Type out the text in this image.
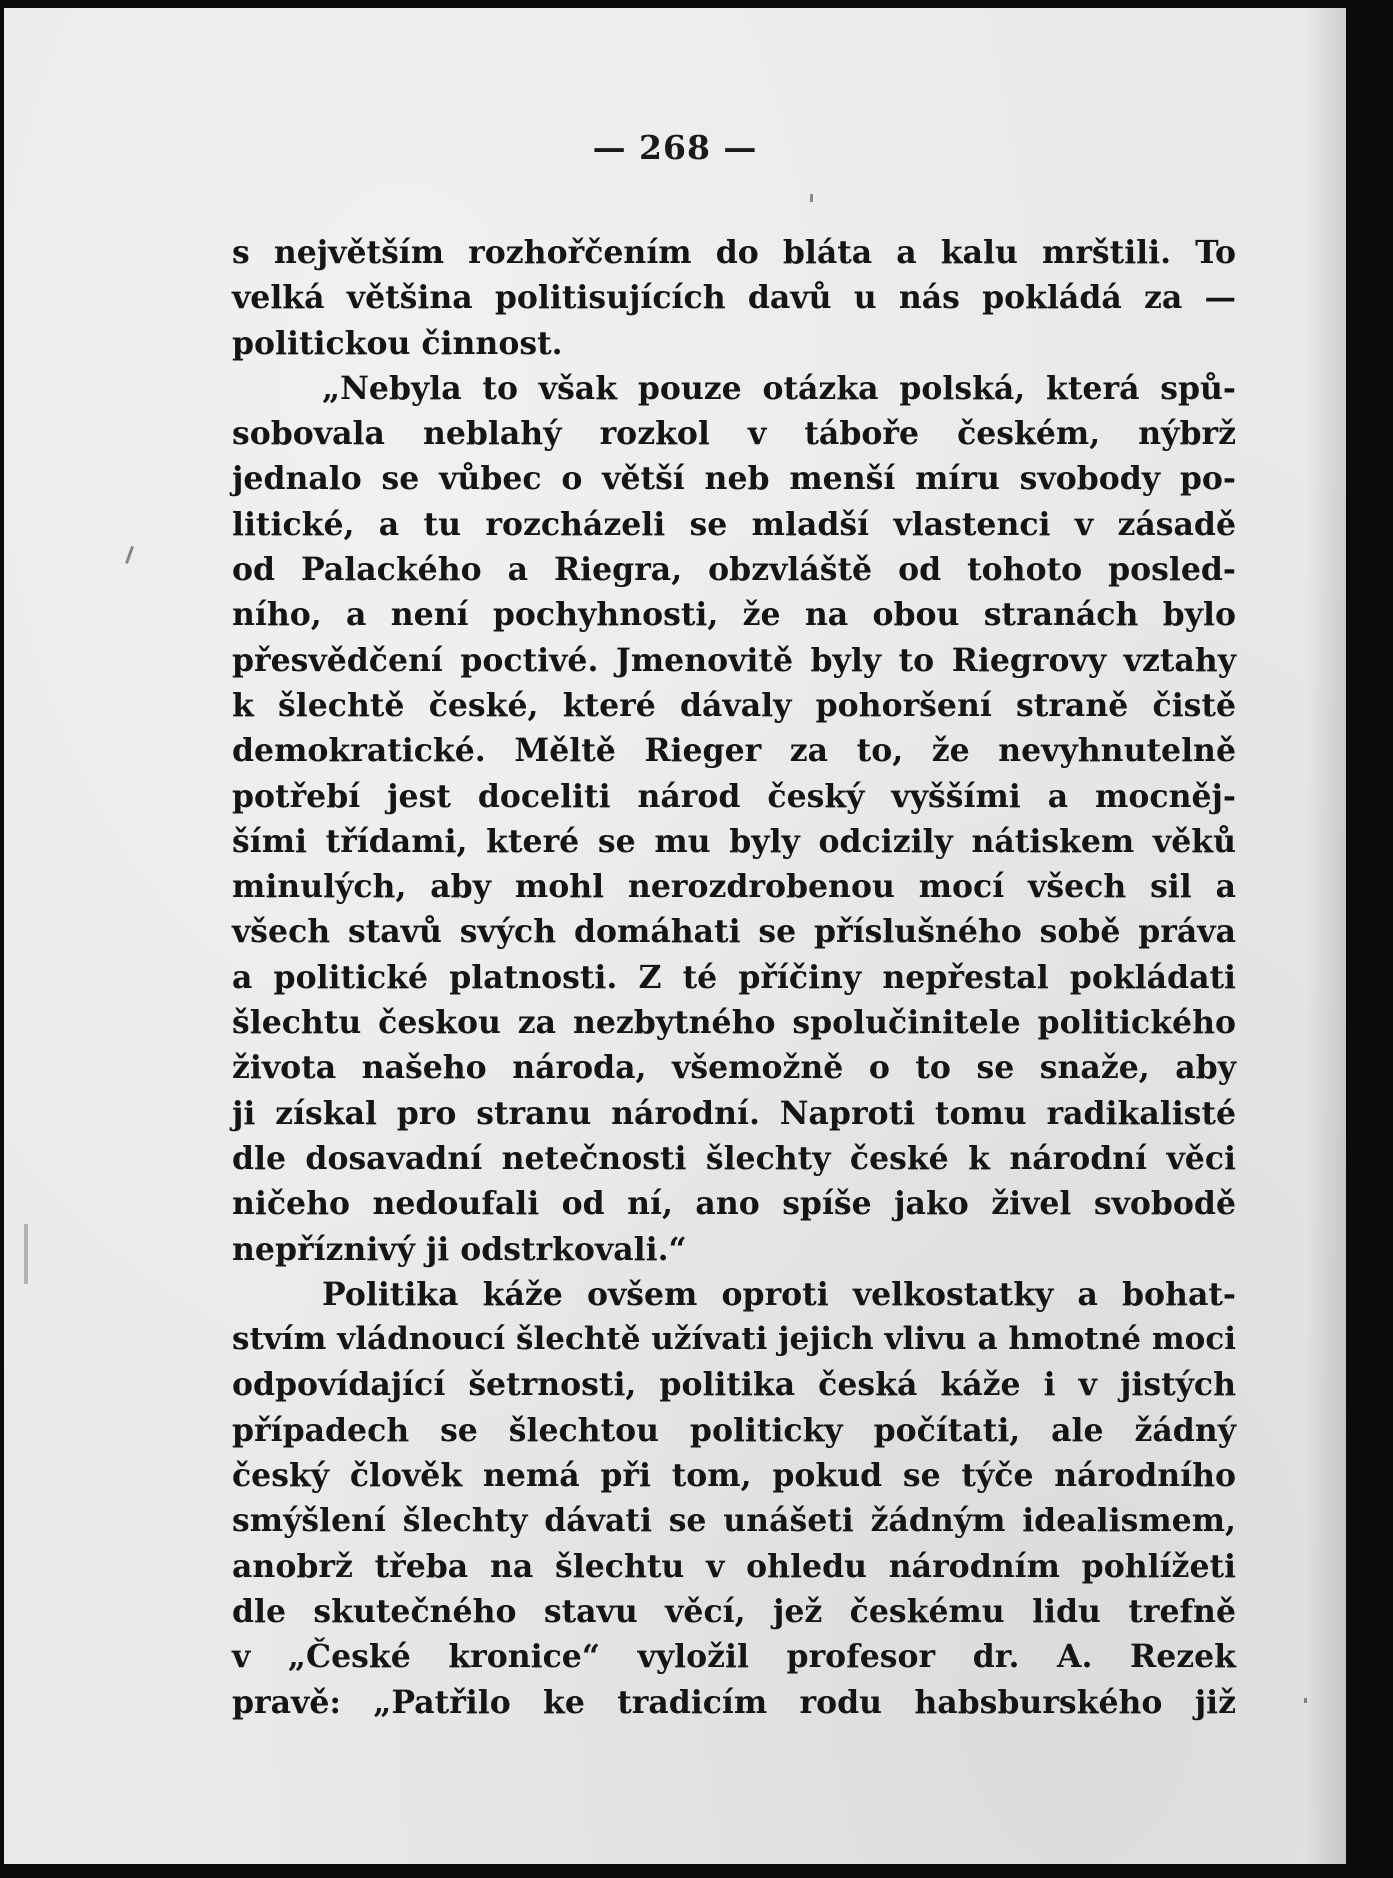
— 268 —
s největším rozhořčením do bláta a kalu mrštili. To
velká většina politisujících davů u nás pokládá za —
politickou činnost.
„Nebyla to však pouze otázka polská, která spů-
sobovala neblahý rozkol v táboře českém, nýbrž
jednalo se vůbec o větší neb menší míru svobody po-
litické, a tu rozcházeli se mladší vlastenci v zásadě
od Palackého a Riegra, obzvláště od tohoto posled-
ního, a není pochyhnosti, že na obou stranách bylo
přesvědčení poctivé. Jmenovitě byly to Riegrovy vztahy
k šlechtě české, které dávaly pohoršení straně čistě
demokratické. Měltě Rieger za to, že nevyhnutelně
potřebí jest doceliti národ český vyššími a mocněj-
šími třídami, které se mu byly odcizily nátiskem věků
minulých, aby mohl nerozdrobenou mocí všech sil a
všech stavů svých domáhati se příslušného sobě práva
a politické platnosti. Z té příčiny nepřestal pokládati
šlechtu českou za nezbytného spolučinitele politického
života našeho národa, všemožně o to se snaže, aby
ji získal pro stranu národní. Naproti tomu radikalisté
dle dosavadní netečnosti šlechty české k národní věci
ničeho nedoufali od ní, ano spíše jako živel svobodě
nepříznivý ji odstrkovali.“
Politika káže ovšem oproti velkostatky a bohat-
stvím vládnoucí šlechtě užívati jejich vlivu a hmotné moci
odpovídající šetrnosti, politika česká káže i v jistých
případech se šlechtou politicky počítati, ale žádný
český člověk nemá při tom, pokud se týče národního
smýšlení šlechty dávati se unášeti žádným idealismem,
anobrž třeba na šlechtu v ohledu národním pohlížeti
dle skutečného stavu věcí, jež českému lidu trefně
v „České kronice“ vyložil profesor dr. A. Rezek
pravě: „Patřilo ke tradicím rodu habsburského již
